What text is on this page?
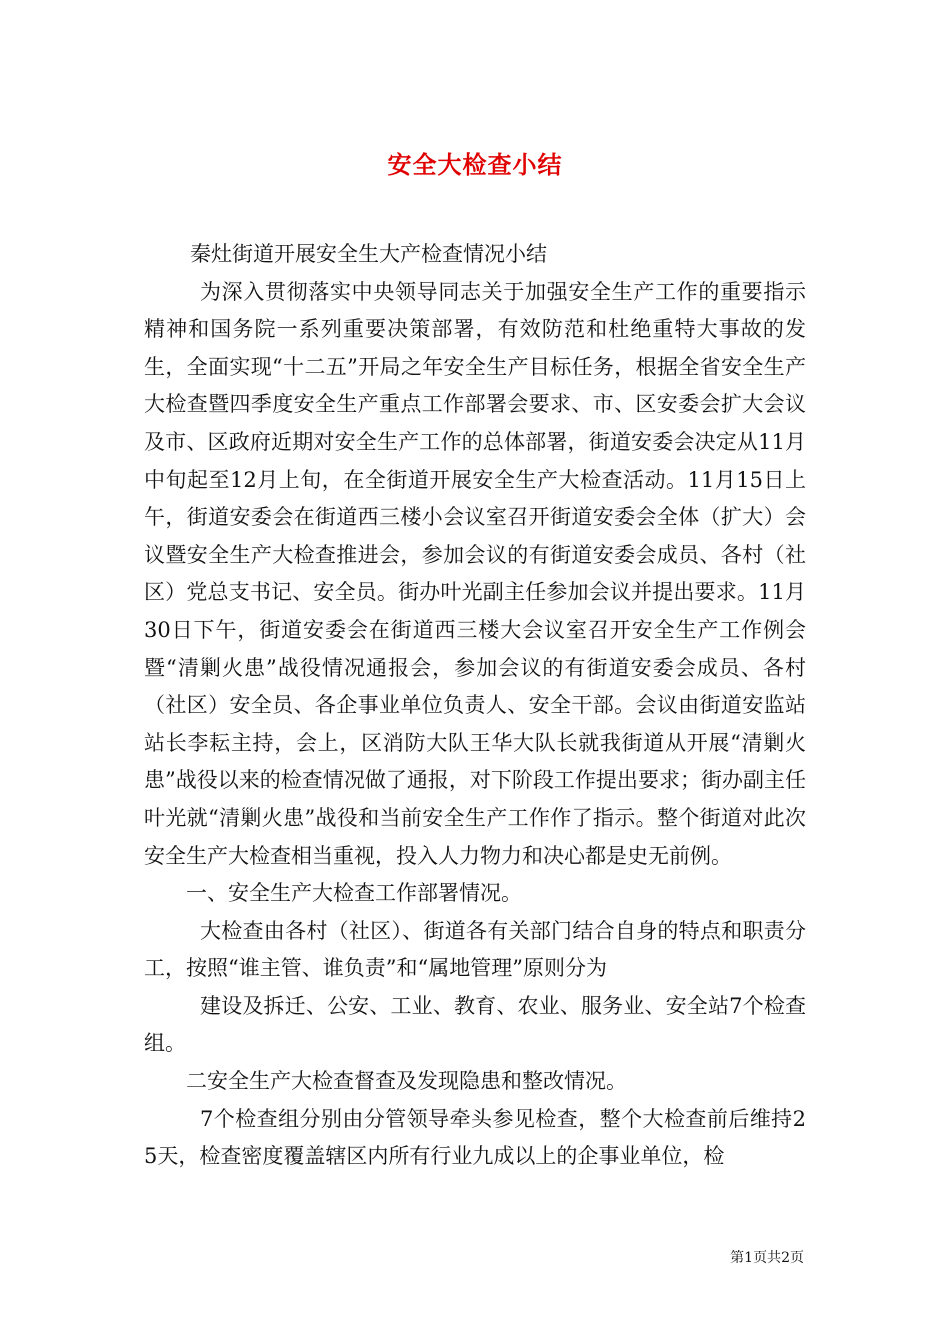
安全大检查小结

秦灶街道开展安全生大产检查情况小结

为深入贯彻落实中央领导同志关于加强安全生产工作的重要指示精神和国务院一系列重要决策部署，有效防范和杜绝重特大事故的发生，全面实现“十二五”开局之年安全生产目标任务，根据全省安全生产大检查暨四季度安全生产重点工作部署会要求、市、区安委会扩大会议及市、区政府近期对安全生产工作的总体部署，街道安委会决定从11月中旬起至12月上旬，在全街道开展安全生产大检查活动。11月15日上午，街道安委会在街道西三楼小会议室召开街道安委会全体（扩大）会议暨安全生产大检查推进会，参加会议的有街道安委会成员、各村（社区）党总支书记、安全员。街办叶光副主任参加会议并提出要求。11月30日下午，街道安委会在街道西三楼大会议室召开安全生产工作例会暨“清剿火患”战役情况通报会，参加会议的有街道安委会成员、各村（社区）安全员、各企事业单位负责人、安全干部。会议由街道安监站站长李耘主持，会上，区消防大队王华大队长就我街道从开展“清剿火患”战役以来的检查情况做了通报，对下阶段工作提出要求；街办副主任叶光就“清剿火患”战役和当前安全生产工作作了指示。整个街道对此次安全生产大检查相当重视，投入人力物力和决心都是史无前例。

一、安全生产大检查工作部署情况。

大检查由各村（社区）、街道各有关部门结合自身的特点和职责分工，按照“谁主管、谁负责”和“属地管理”原则分为

建设及拆迁、公安、工业、教育、农业、服务业、安全站7个检查组。

二安全生产大检查督查及发现隐患和整改情况。

7个检查组分别由分管领导牵头参见检查，整个大检查前后维持25天，检查密度覆盖辖区内所有行业九成以上的企事业单位，检

第1页共2页
